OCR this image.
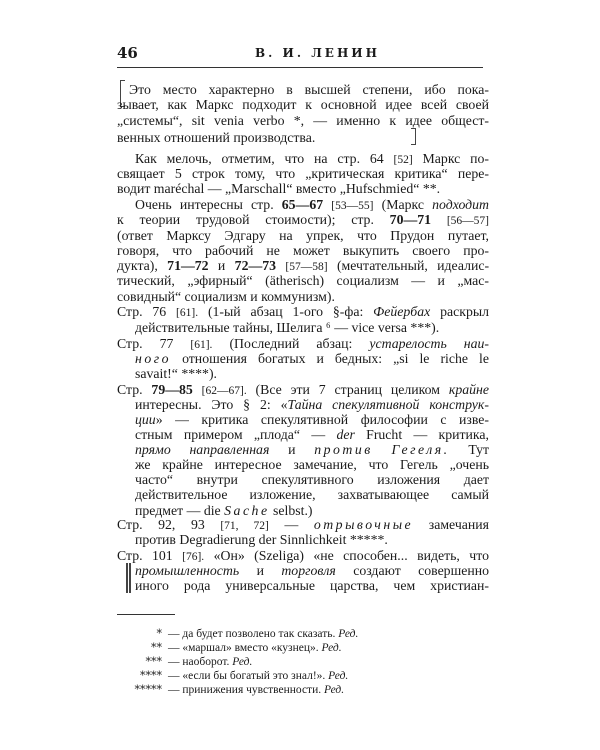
46	В. И. ЛЕНИН
Это место характерно в высшей степени, ибо пока-
зывает, как Маркс подходит к основной идее всей своей
„системы“, sit venia verbo *, — именно к идее общест-
венных отношений производства.
Как мелочь, отметим, что на стр. 64 [52] Маркс по-
свящает 5 строк тому, что „критическая критика“ пере-
водит maréchal — „Marschall“ вместо „Hufschmied“ **.
Очень интересны стр. 65—67 [53—55] (Маркс подходит
к теории трудовой стоимости); стр. 70—71 [56—57]
(ответ Марксу Эдгару на упрек, что Прудон путает,
говоря, что рабочий не может выкупить своего про-
дукта), 71—72 и 72—73 [57—58] (мечтательный, идеалис-
тический, „эфирный“ (ätherisch) социализм — и „мас-
совидный“ социализм и коммунизм).
Стр. 76 [61]. (1-ый абзац 1-ого §-фа: Фейербах раскрыл
действительные тайны, Шелига ⁶ — vice versa ***).
Стр. 77 [61]. (Последний абзац: устарелость наи-
ного отношения богатых и бедных: „si le riche le
savait!“ ****).
Стр. 79—85 [62—67]. (Все эти 7 страниц целиком крайне
интересны. Это § 2: «Тайна спекулятивной конструк-
ции» — критика спекулятивной философии с изве-
стным примером „плода“ — der Frucht — критика,
прямо направленная и против Гегеля. Тут
же крайне интересное замечание, что Гегель „очень
часто“ внутри спекулятивного изложения дает
действительное изложение, захватывающее самый
предмет — die Sache selbst.)
Стр. 92, 93 [71, 72] — отрывочные замечания
против Degradierung der Sinnlichkeit *****.
Стр. 101 [76]. «Он» (Szeliga) «не способен... видеть, что
промышленность и торговля создают совершенно
иного рода универсальные царства, чем христиан-
* — да будет позволено так сказать. Ред.
** — «маршал» вместо «кузнец». Ред.
*** — наоборот. Ред.
**** — «если бы богатый это знал!». Ред.
***** — принижения чувственности. Ред.
